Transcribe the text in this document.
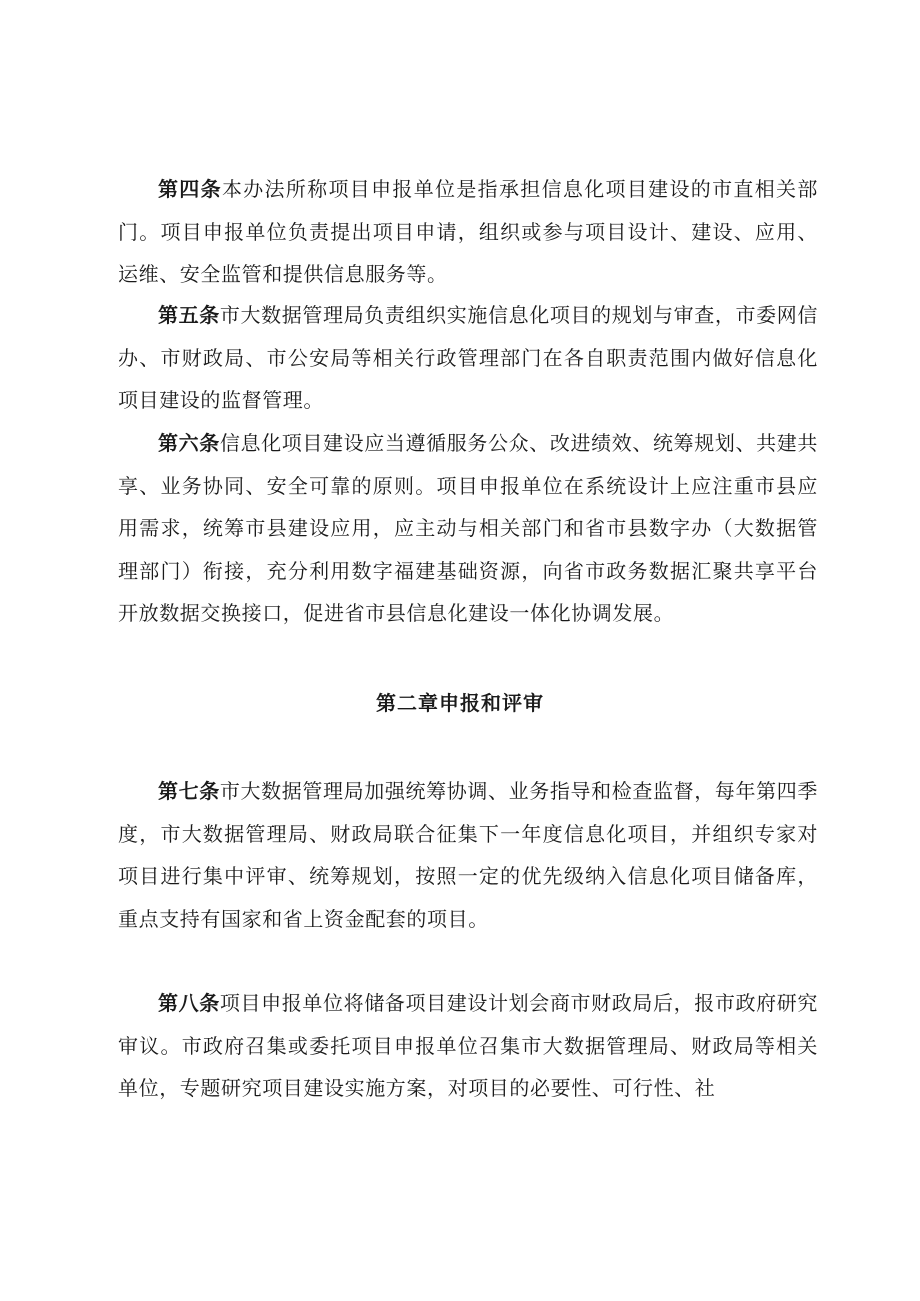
第四条本办法所称项目申报单位是指承担信息化项目建设的市直相关部门。项目申报单位负责提出项目申请，组织或参与项目设计、建设、应用、运维、安全监管和提供信息服务等。

第五条市大数据管理局负责组织实施信息化项目的规划与审查，市委网信办、市财政局、市公安局等相关行政管理部门在各自职责范围内做好信息化项目建设的监督管理。

第六条信息化项目建设应当遵循服务公众、改进绩效、统筹规划、共建共享、业务协同、安全可靠的原则。项目申报单位在系统设计上应注重市县应用需求，统筹市县建设应用，应主动与相关部门和省市县数字办（大数据管理部门）衔接，充分利用数字福建基础资源，向省市政务数据汇聚共享平台开放数据交换接口，促进省市县信息化建设一体化协调发展。

第二章申报和评审

第七条市大数据管理局加强统筹协调、业务指导和检查监督，每年第四季度，市大数据管理局、财政局联合征集下一年度信息化项目，并组织专家对项目进行集中评审、统筹规划，按照一定的优先级纳入信息化项目储备库，重点支持有国家和省上资金配套的项目。

第八条项目申报单位将储备项目建设计划会商市财政局后，报市政府研究审议。市政府召集或委托项目申报单位召集市大数据管理局、财政局等相关单位，专题研究项目建设实施方案，对项目的必要性、可行性、社
